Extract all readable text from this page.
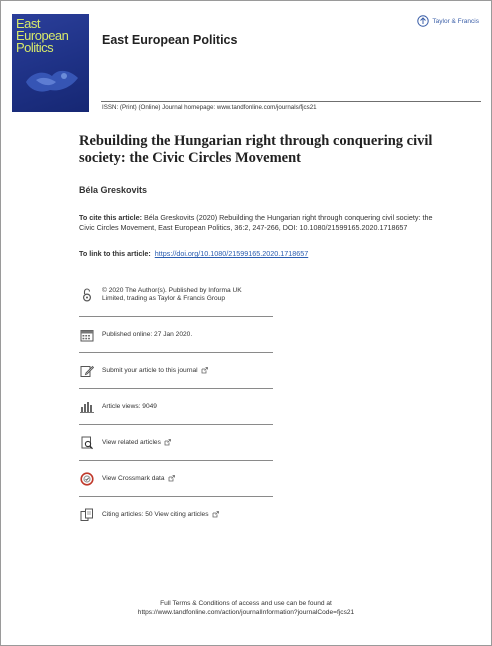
East
European
Politics	East European Politics
Taylor & Francis
ISSN: (Print) (Online) Journal homepage: www.tandfonline.com/journals/fjcs21
Rebuilding the Hungarian right through conquering civil society: the Civic Circles Movement
Béla Greskovits
To cite this article: Béla Greskovits (2020) Rebuilding the Hungarian right through conquering civil society: the Civic Circles Movement, East European Politics, 36:2, 247-266, DOI: 10.1080/21599165.2020.1718657
To link to this article: https://doi.org/10.1080/21599165.2020.1718657
© 2020 The Author(s). Published by Informa UK Limited, trading as Taylor & Francis Group
Published online: 27 Jan 2020.
Submit your article to this journal
Article views: 9049
View related articles
View Crossmark data
Citing articles: 50 View citing articles
Full Terms & Conditions of access and use can be found at
https://www.tandfonline.com/action/journalInformation?journalCode=fjcs21
